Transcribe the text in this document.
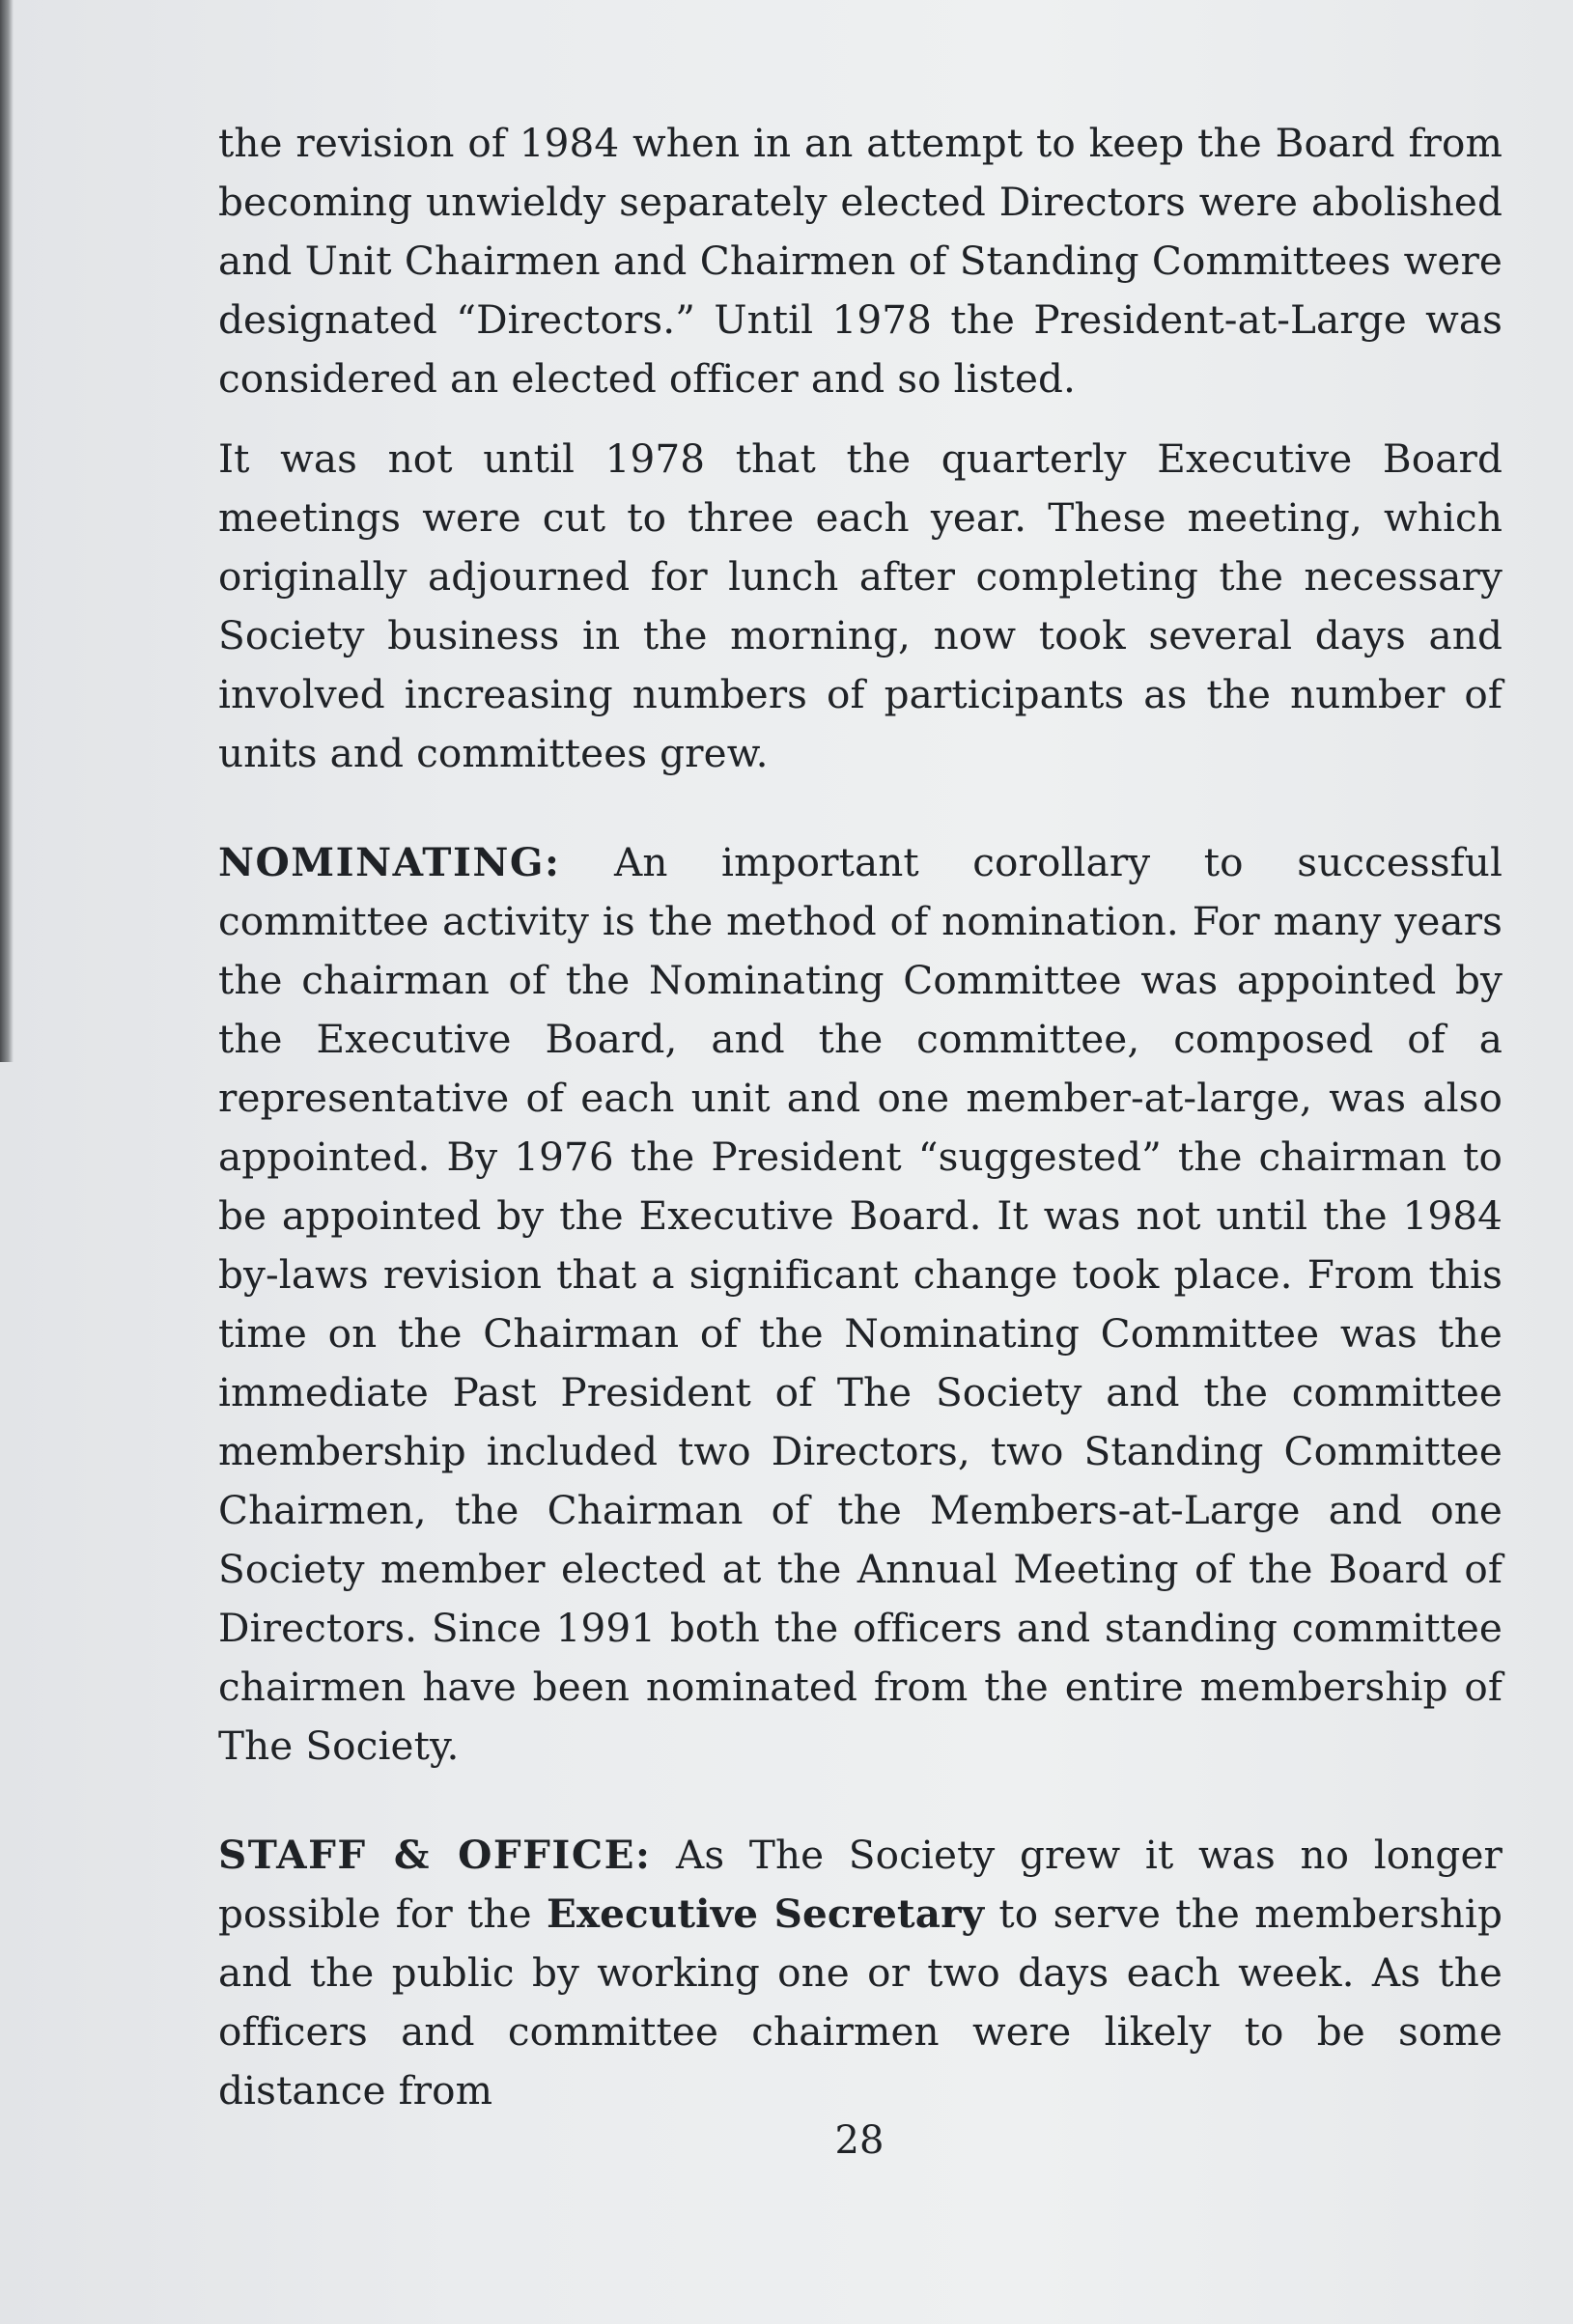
the revision of 1984 when in an attempt to keep the Board from becoming unwieldy separately elected Directors were abolished and Unit Chairmen and Chairmen of Standing Committees were designated “Directors.” Until 1978 the President-at-Large was considered an elected officer and so listed.

It was not until 1978 that the quarterly Executive Board meetings were cut to three each year. These meeting, which originally adjourned for lunch after completing the necessary Society business in the morning, now took several days and involved increasing numbers of participants as the number of units and committees grew.

NOMINATING: An important corollary to successful committee activity is the method of nomination. For many years the chairman of the Nominating Committee was appointed by the Executive Board, and the committee, composed of a representative of each unit and one member-at-large, was also appointed. By 1976 the President “suggested” the chairman to be appointed by the Executive Board. It was not until the 1984 by-laws revision that a significant change took place. From this time on the Chairman of the Nominating Committee was the immediate Past President of The Society and the committee membership included two Directors, two Standing Committee Chairmen, the Chairman of the Members-at-Large and one Society member elected at the Annual Meeting of the Board of Directors. Since 1991 both the officers and standing committee chairmen have been nominated from the entire membership of The Society.

STAFF & OFFICE: As The Society grew it was no longer possible for the Executive Secretary to serve the membership and the public by working one or two days each week. As the officers and committee chairmen were likely to be some distance from

28
